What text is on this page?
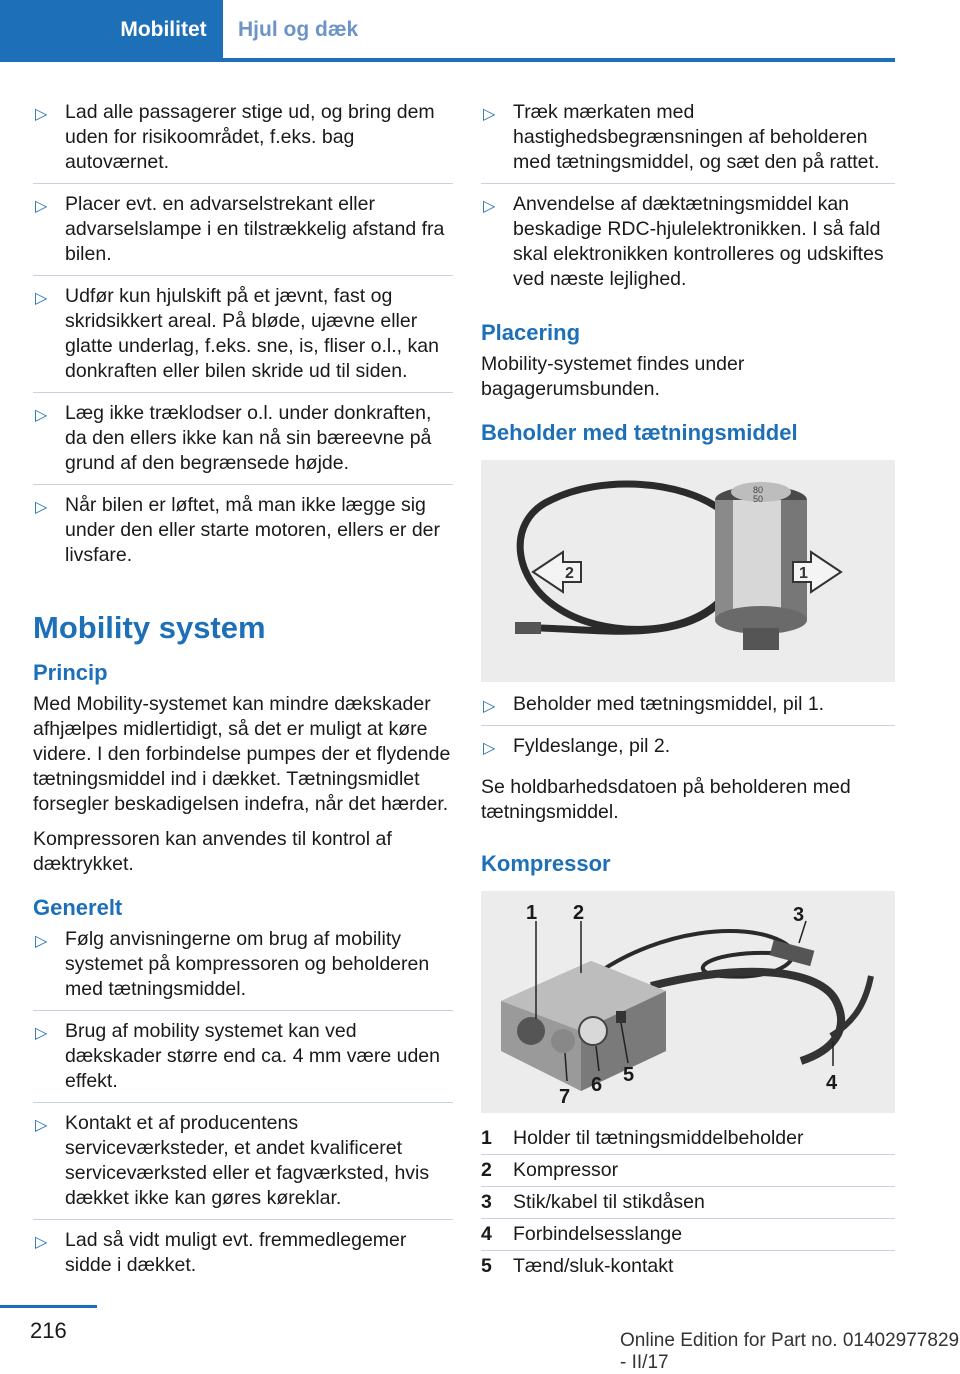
Mobilitet	Hjul og dæk
▷ Lad alle passagerer stige ud, og bring dem uden for risikoområdet, f.eks. bag autoværnet.
▷ Placer evt. en advarselstrekant eller advarselslampe i en tilstrækkelig afstand fra bilen.
▷ Udfør kun hjulskift på et jævnt, fast og skridsikkert areal. På bløde, ujævne eller glatte underlag, f.eks. sne, is, fliser o.l., kan donkraften eller bilen skride ud til siden.
▷ Læg ikke træklodser o.l. under donkraften, da den ellers ikke kan nå sin bæreevne på grund af den begrænsede højde.
▷ Når bilen er løftet, må man ikke lægge sig under den eller starte motoren, ellers er der livsfare.
Mobility system
Princip

Med Mobility-systemet kan mindre dækskader afhjælpes midlertidigt, så det er muligt at køre videre. I den forbindelse pumpes der et flydende tætningsmiddel ind i dækket. Tætningsmidlet forsegler beskadigelsen indefra, når det hærder.

Kompressoren kan anvendes til kontrol af dæktrykket.

Generelt
▷ Følg anvisningerne om brug af mobility systemet på kompressoren og beholderen med tætningsmiddel.
▷ Brug af mobility systemet kan ved dækskader større end ca. 4 mm være uden effekt.
▷ Kontakt et af producentens serviceværksteder, et andet kvalificeret serviceværksted eller et fagværksted, hvis dækket ikke kan gøres køreklar.
▷ Lad så vidt muligt evt. fremmedlegemer sidde i dækket.
▷ Træk mærkaten med hastighedsbegrænsningen af beholderen med tætningsmiddel, og sæt den på rattet.
▷ Anvendelse af dæktætningsmiddel kan beskadige RDC-hjulelektronikken. I så fald skal elektronikken kontrolleres og udskiftes ved næste lejlighed.
Placering

Mobility-systemet findes under bagagerumsbunden.

Beholder med tætningsmiddel
80
50
2	1
▷ Beholder med tætningsmiddel, pil 1.
▷ Fyldeslange, pil 2.

Se holdbarhedsdatoen på beholderen med tætningsmiddel.

Kompressor
1 2	3
4
5
6
7
1	Holder til tætningsmiddelbeholder
2	Kompressor
3	Stik/kabel til stikdåsen
4	Forbindelsesslange
5	Tænd/sluk-kontakt
216	Online Edition for Part no. 01402977829 - II/17
